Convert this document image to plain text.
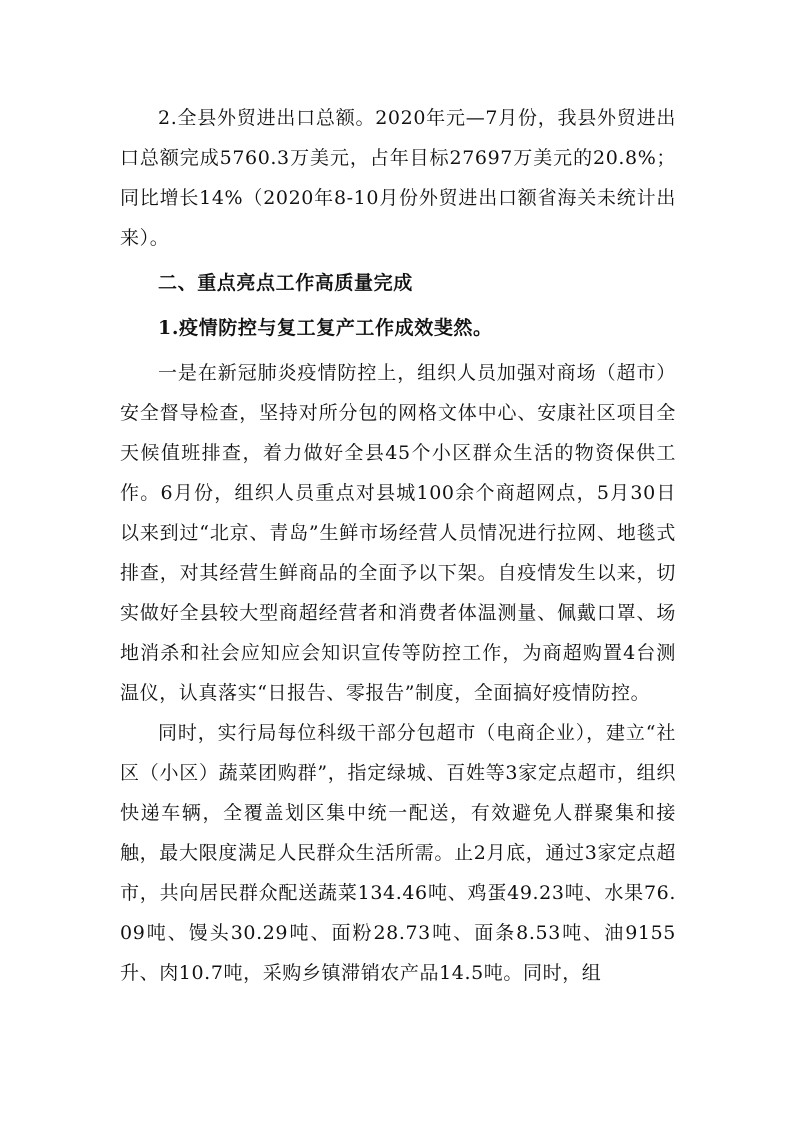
2.全县外贸进出口总额。2020年元—7月份，我县外贸进出口总额完成5760.3万美元，占年目标27697万美元的20.8%；同比增长14%（2020年8-10月份外贸进出口额省海关未统计出来）。

二、重点亮点工作高质量完成

1.疫情防控与复工复产工作成效斐然。

一是在新冠肺炎疫情防控上，组织人员加强对商场（超市）安全督导检查，坚持对所分包的网格文体中心、安康社区项目全天候值班排查，着力做好全县45个小区群众生活的物资保供工作。6月份，组织人员重点对县城100余个商超网点，5月30日以来到过“北京、青岛”生鲜市场经营人员情况进行拉网、地毯式排查，对其经营生鲜商品的全面予以下架。自疫情发生以来，切实做好全县较大型商超经营者和消费者体温测量、佩戴口罩、场地消杀和社会应知应会知识宣传等防控工作，为商超购置4台测温仪，认真落实“日报告、零报告”制度，全面搞好疫情防控。

同时，实行局每位科级干部分包超市（电商企业），建立“社区（小区）蔬菜团购群”，指定绿城、百姓等3家定点超市，组织快递车辆，全覆盖划区集中统一配送，有效避免人群聚集和接触，最大限度满足人民群众生活所需。止2月底，通过3家定点超市，共向居民群众配送蔬菜134.46吨、鸡蛋49.23吨、水果76.09吨、馒头30.29吨、面粉28.73吨、面条8.53吨、油9155升、肉10.7吨，采购乡镇滞销农产品14.5吨。同时，组
